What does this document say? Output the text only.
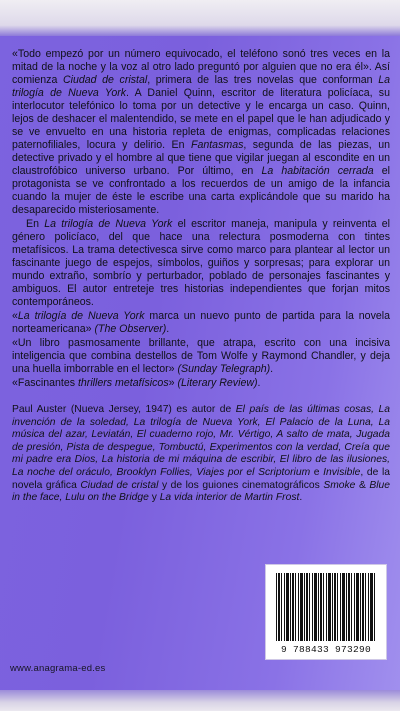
«Todo empezó por un número equivocado, el teléfono sonó tres veces en la mitad de la noche y la voz al otro lado preguntó por alguien que no era él». Así comienza Ciudad de cristal, primera de las tres novelas que conforman La trilogía de Nueva York. A Daniel Quinn, escritor de literatura policíaca, su interlocutor telefónico lo toma por un detective y le encarga un caso. Quinn, lejos de deshacer el malentendido, se mete en el papel que le han adjudicado y se ve envuelto en una historia repleta de enigmas, complicadas relaciones paternofiliales, locura y delirio. En Fantasmas, segunda de las piezas, un detective privado y el hombre al que tiene que vigilar juegan al escondite en un claustrofóbico universo urbano. Por último, en La habitación cerrada el protagonista se ve confrontado a los recuerdos de un amigo de la infancia cuando la mujer de éste le escribe una carta explicándole que su marido ha desaparecido misteriosamente.

En La trilogía de Nueva York el escritor maneja, manipula y reinventa el género policíaco, del que hace una relectura posmoderna con tintes metafísicos. La trama detectivesca sirve como marco para plantear al lector un fascinante juego de espejos, símbolos, guiños y sorpresas; para explorar un mundo extraño, sombrío y perturbador, poblado de personajes fascinantes y ambiguos. El autor entreteje tres historias independientes que forjan mitos contemporáneos.

«La trilogía de Nueva York marca un nuevo punto de partida para la novela norteamericana» (The Observer).

«Un libro pasmosamente brillante, que atrapa, escrito con una incisiva inteligencia que combina destellos de Tom Wolfe y Raymond Chandler, y deja una huella imborrable en el lector» (Sunday Telegraph).

«Fascinantes thrillers metafísicos» (Literary Review).

Paul Auster (Nueva Jersey, 1947) es autor de El país de las últimas cosas, La invención de la soledad, La trilogía de Nueva York, El Palacio de la Luna, La música del azar, Leviatán, El cuaderno rojo, Mr. Vértigo, A salto de mata, Jugada de presión, Pista de despegue, Tombuctú, Experimentos con la verdad, Creía que mi padre era Dios, La historia de mi máquina de escribir, El libro de las ilusiones, La noche del oráculo, Brooklyn Follies, Viajes por el Scriptorium e Invisible, de la novela gráfica Ciudad de cristal y de los guiones cinematográficos Smoke & Blue in the face, Lulu on the Bridge y La vida interior de Martin Frost.
9 788433 973290
www.anagrama-ed.es
